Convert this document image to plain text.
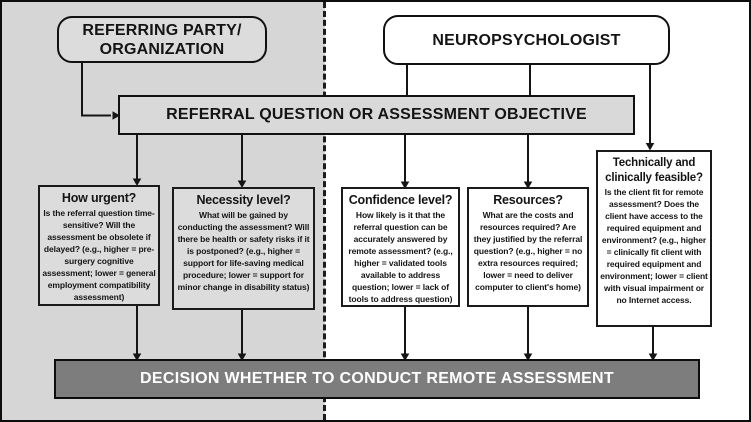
REFERRING PARTY/
ORGANIZATION
NEUROPSYCHOLOGIST
REFERRAL QUESTION OR ASSESSMENT OBJECTIVE
How urgent?
Is the referral question time-sensitive? Will the assessment be obsolete if delayed? (e.g., higher = pre-surgery cognitive assessment; lower = general employment compatibility assessment)
Necessity level?
What will be gained by conducting the assessment? Will there be health or safety risks if it is postponed? (e.g., higher = support for life-saving medical procedure; lower = support for minor change in disability status)
Confidence level?
How likely is it that the referral question can be accurately answered by remote assessment? (e.g., higher = validated tools available to address question; lower = lack of tools to address question)
Resources?
What are the costs and resources required? Are they justified by the referral question? (e.g., higher = no extra resources required; lower = need to deliver computer to client's home)
Technically and clinically feasible?
Is the client fit for remote assessment? Does the client have access to the required equipment and environment? (e.g., higher = clinically fit client with required equipment and environment; lower = client with visual impairment or no Internet access.
DECISION WHETHER TO CONDUCT REMOTE ASSESSMENT
